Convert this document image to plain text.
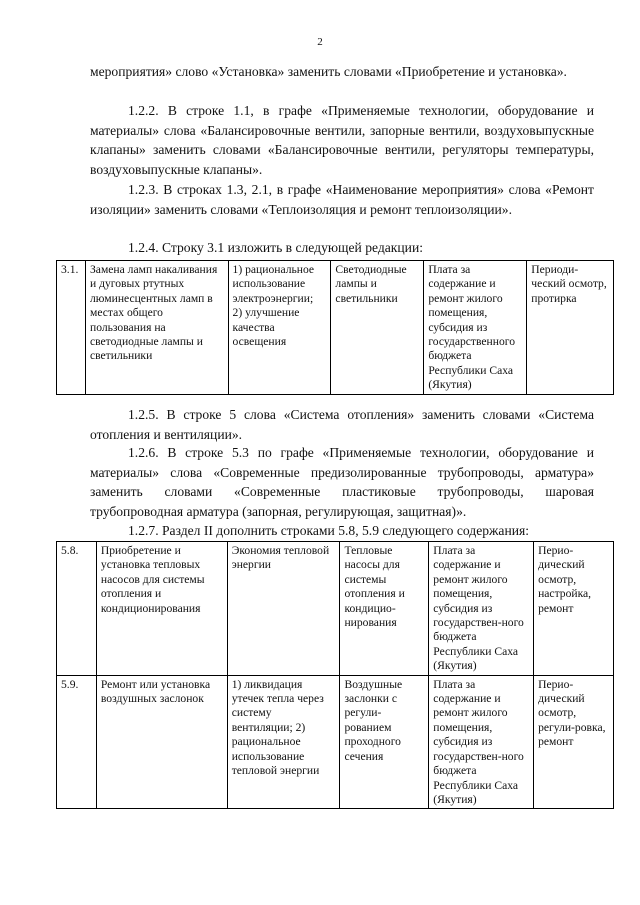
2

мероприятия» слово «Установка» заменить словами «Приобретение и установка».

1.2.2. В строке 1.1, в графе «Применяемые технологии, оборудование и материалы» слова «Балансировочные вентили, запорные вентили, воздуховыпускные клапаны» заменить словами «Балансировочные вентили, регуляторы температуры, воздуховыпускные клапаны».

1.2.3. В строках 1.3, 2.1, в графе «Наименование мероприятия» слова «Ремонт изоляции» заменить словами «Теплоизоляция и ремонт теплоизоляции».

1.2.4. Строку 3.1 изложить в следующей редакции:

3.1.	Замена ламп накаливания и дуговых ртутных люминесцентных ламп в местах общего пользования на светодиодные лампы и светильники	1) рациональное использование электроэнергии; 2) улучшение качества освещения	Светодиодные лампы и светильники	Плата за содержание и ремонт жилого помещения, субсидия из государственного бюджета Республики Саха (Якутия)	Периоди-ческий осмотр, протирка

1.2.5. В строке 5 слова «Система отопления» заменить словами «Система отопления и вентиляции».

1.2.6. В строке 5.3 по графе «Применяемые технологии, оборудование и материалы» слова «Современные предизолированные трубопроводы, арматура» заменить словами «Современные пластиковые трубопроводы, шаровая трубопроводная арматура (запорная, регулирующая, защитная)».

1.2.7. Раздел II дополнить строками 5.8, 5.9 следующего содержания:

5.8.	Приобретение и установка тепловых насосов для системы отопления и кондиционирования	Экономия тепловой энергии	Тепловые насосы для системы отопления и кондицио-нирования	Плата за содержание и ремонт жилого помещения, субсидия из государствен-ного бюджета Республики Саха (Якутия)	Перио-дический осмотр, настройка, ремонт
5.9.	Ремонт или установка воздушных заслонок	1) ликвидация утечек тепла через систему вентиляции; 2) рациональное использование тепловой энергии	Воздушные заслонки с регули-рованием проходного сечения	Плата за содержание и ремонт жилого помещения, субсидия из государствен-ного бюджета Республики Саха (Якутия)	Перио-дический осмотр, регули-ровка, ремонт
